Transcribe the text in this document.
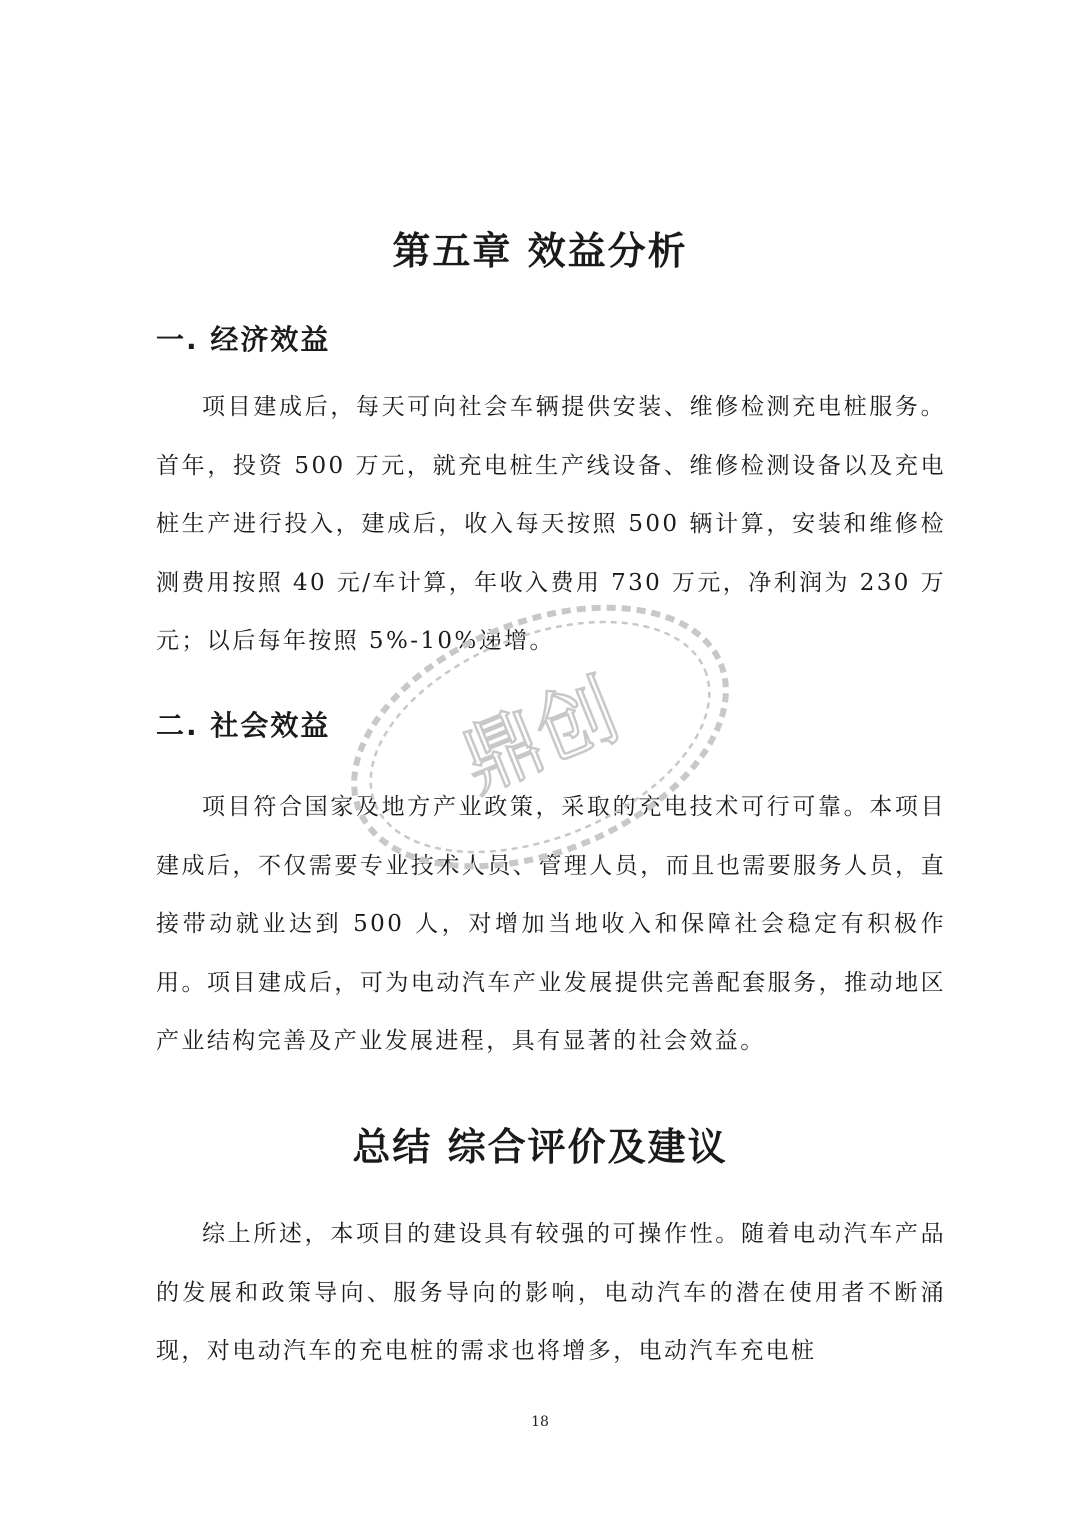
第五章 效益分析
一. 经济效益

项目建成后，每天可向社会车辆提供安装、维修检测充电桩服务。首年，投资 500 万元，就充电桩生产线设备、维修检测设备以及充电桩生产进行投入，建成后，收入每天按照 500 辆计算，安装和维修检测费用按照 40 元/车计算，年收入费用 730 万元，净利润为 230 万元；以后每年按照 5%-10%递增。

二. 社会效益

项目符合国家及地方产业政策，采取的充电技术可行可靠。本项目建成后，不仅需要专业技术人员、管理人员，而且也需要服务人员，直接带动就业达到 500 人，对增加当地收入和保障社会稳定有积极作用。项目建成后，可为电动汽车产业发展提供完善配套服务，推动地区产业结构完善及产业发展进程，具有显著的社会效益。

总结 综合评价及建议

综上所述，本项目的建设具有较强的可操作性。随着电动汽车产品的发展和政策导向、服务导向的影响，电动汽车的潜在使用者不断涌现，对电动汽车的充电桩的需求也将增多，电动汽车充电桩

18
鼎创
